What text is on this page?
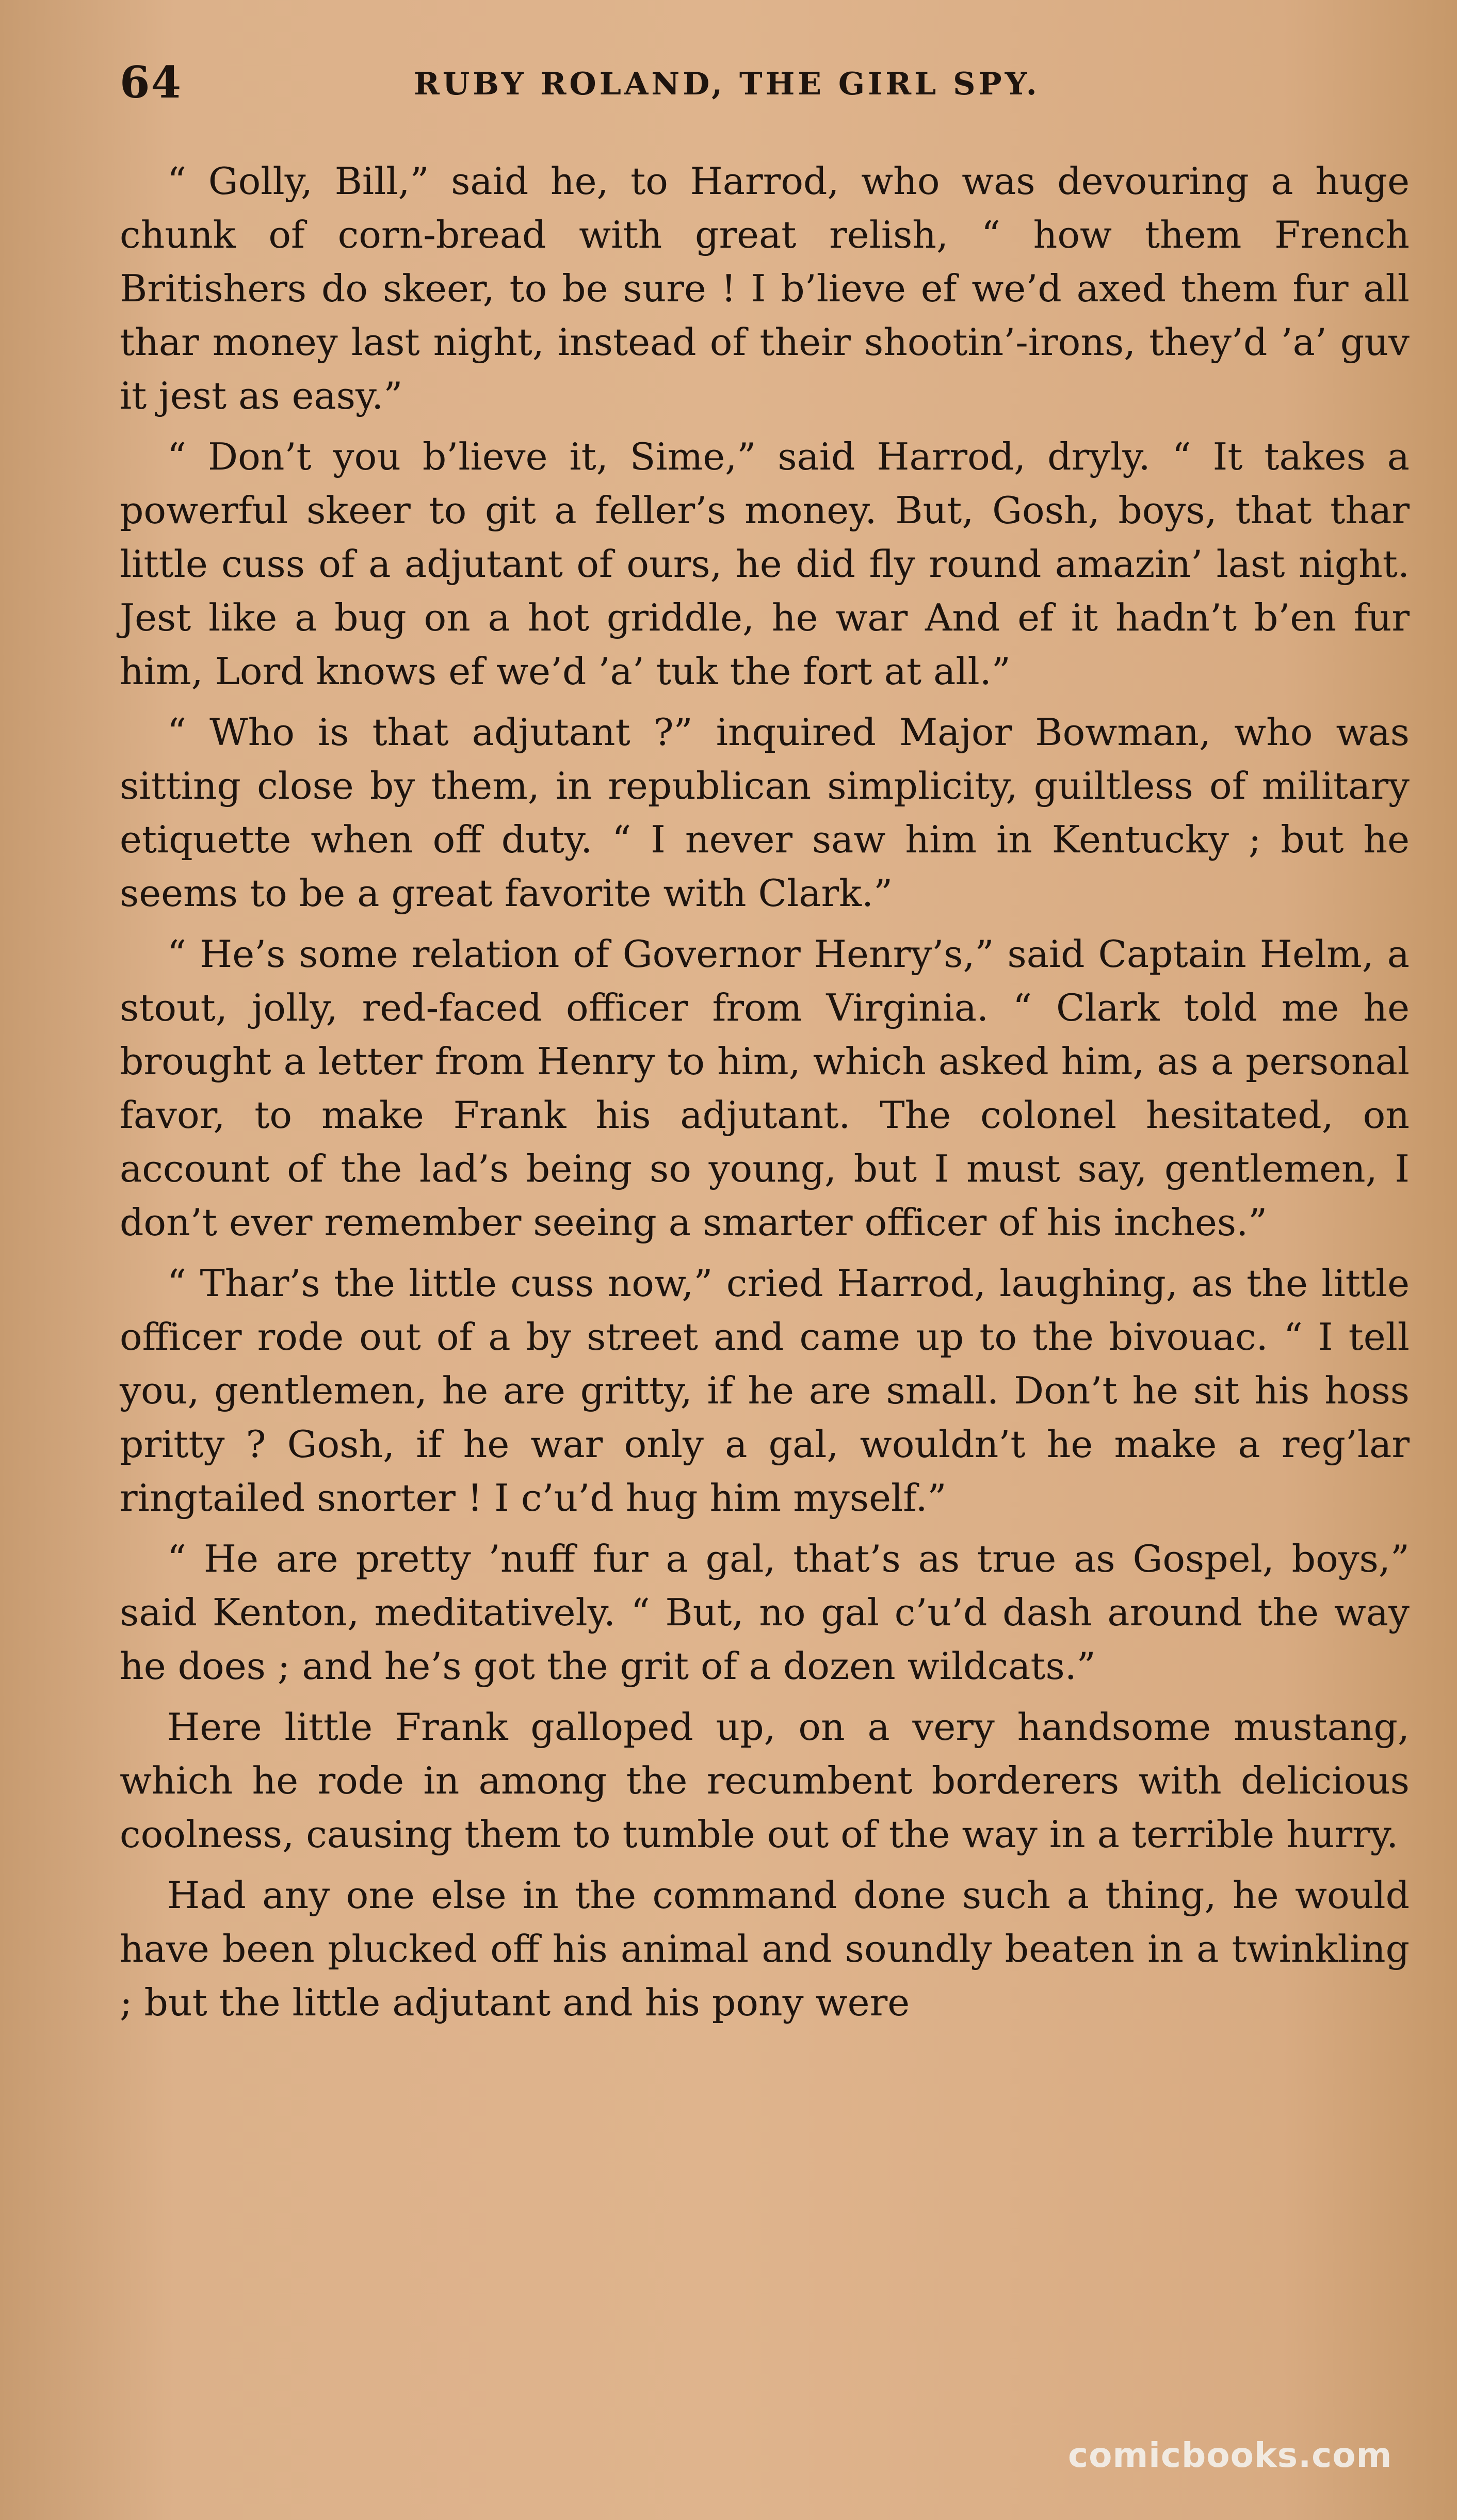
64	RUBY ROLAND, THE GIRL SPY.

“ Golly, Bill,” said he, to Harrod, who was devouring a huge chunk of corn-bread with great relish, “ how them French Britishers do skeer, to be sure ! I b’lieve ef we’d axed them fur all thar money last night, instead of their shootin’-irons, they’d ’a’ guv it jest as easy.”

“ Don’t you b’lieve it, Sime,” said Harrod, dryly. “ It takes a powerful skeer to git a feller’s money. But, Gosh, boys, that thar little cuss of a adjutant of ours, he did fly round amazin’ last night. Jest like a bug on a hot griddle, he war And ef it hadn’t b’en fur him, Lord knows ef we’d ’a’ tuk the fort at all.”

“ Who is that adjutant ?” inquired Major Bowman, who was sitting close by them, in republican simplicity, guiltless of military etiquette when off duty. “ I never saw him in Kentucky ; but he seems to be a great favorite with Clark.”

“ He’s some relation of Governor Henry’s,” said Captain Helm, a stout, jolly, red-faced officer from Virginia. “ Clark told me he brought a letter from Henry to him, which asked him, as a personal favor, to make Frank his adjutant. The colonel hesitated, on account of the lad’s being so young, but I must say, gentlemen, I don’t ever remember seeing a smarter officer of his inches.”

“ Thar’s the little cuss now,” cried Harrod, laughing, as the little officer rode out of a by street and came up to the bivouac. “ I tell you, gentlemen, he are gritty, if he are small. Don’t he sit his hoss pritty ? Gosh, if he war only a gal, wouldn’t he make a reg’lar ringtailed snorter ! I c’u’d hug him myself.”

“ He are pretty ’nuff fur a gal, that’s as true as Gospel, boys,” said Kenton, meditatively. “ But, no gal c’u’d dash around the way he does ; and he’s got the grit of a dozen wildcats.”

Here little Frank galloped up, on a very handsome mustang, which he rode in among the recumbent borderers with delicious coolness, causing them to tumble out of the way in a terrible hurry.

Had any one else in the command done such a thing, he would have been plucked off his animal and soundly beaten in a twinkling ; but the little adjutant and his pony were

comicbooks.com
